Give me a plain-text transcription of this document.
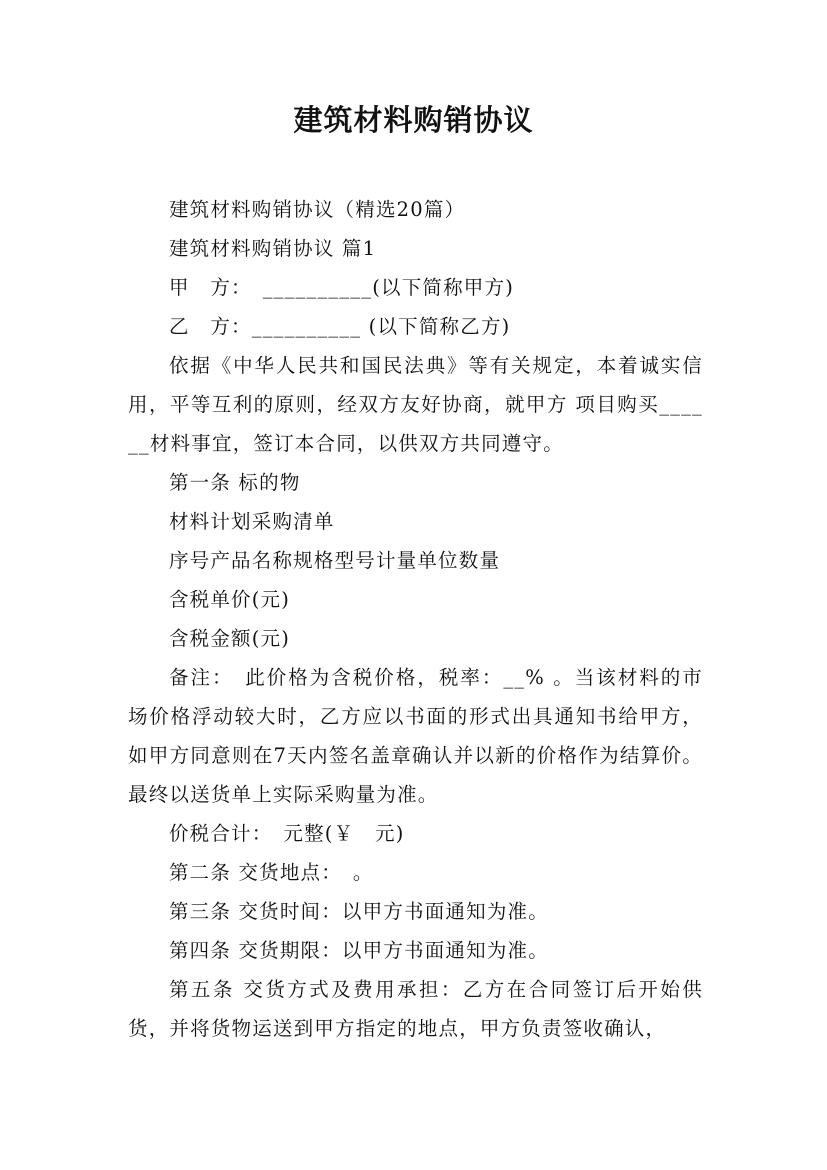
建筑材料购销协议

建筑材料购销协议（精选20篇）

建筑材料购销协议 篇1

甲　方：　__________(以下简称甲方)

乙　方：__________ (以下简称乙方)

依据《中华人民共和国民法典》等有关规定，本着诚实信用，平等互利的原则，经双方友好协商，就甲方 项目购买______材料事宜，签订本合同，以供双方共同遵守。

第一条 标的物

材料计划采购清单

序号产品名称规格型号计量单位数量

含税单价(元)

含税金额(元)

备注：　此价格为含税价格，税率：__% 。当该材料的市场价格浮动较大时，乙方应以书面的形式出具通知书给甲方，如甲方同意则在7天内签名盖章确认并以新的价格作为结算价。最终以送货单上实际采购量为准。

价税合计：　元整(￥　元)

第二条 交货地点：　。

第三条 交货时间：以甲方书面通知为准。

第四条 交货期限：以甲方书面通知为准。

第五条 交货方式及费用承担：乙方在合同签订后开始供货，并将货物运送到甲方指定的地点，甲方负责签收确认，
